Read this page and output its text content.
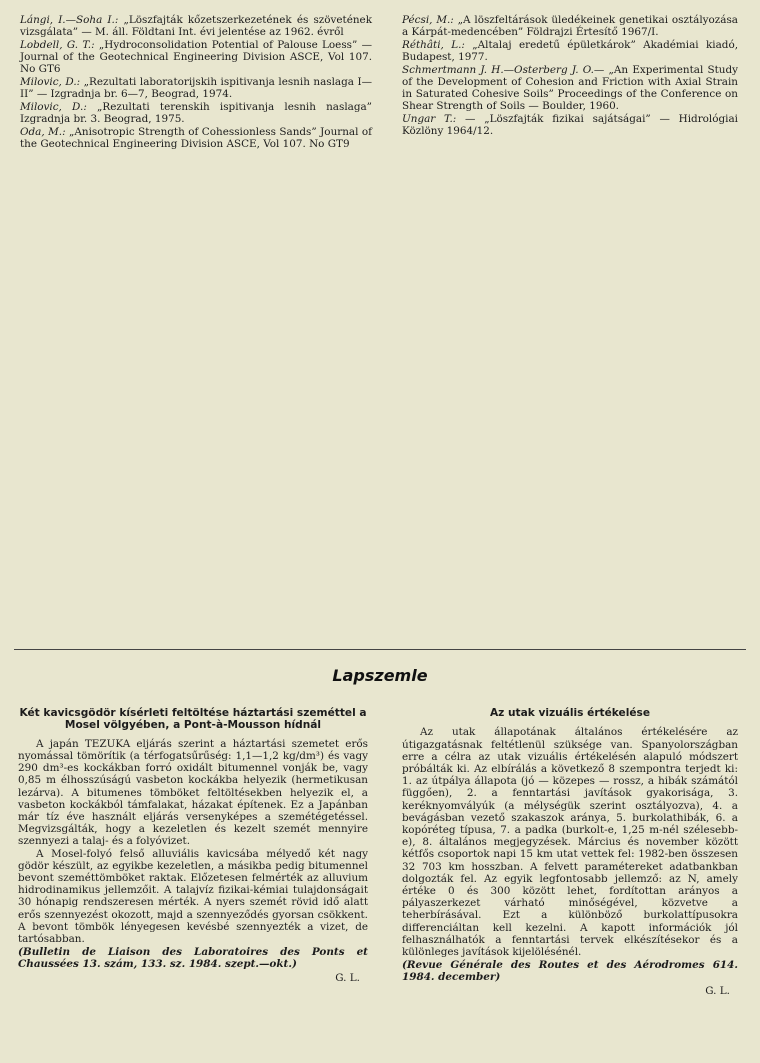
Lángi, I.—Soha I.: „Löszfajták kőzetszerkezetének és szövetének vizsgálata” — M. áll. Földtani Int. évi jelentése az 1962. évről

Lobdell, G. T.: „Hydroconsolidation Potential of Palouse Loess” — Journal of the Geotechnical Engineering Division ASCE, Vol 107. No GT6

Milovic, D.: „Rezultati laboratorijskih ispitivanja lesnih naslaga I—II” — Izgradnja br. 6—7, Beograd, 1974.

Milovic, D.: „Rezultati terenskih ispitivanja lesnih naslaga” Izgradnja br. 3. Beograd, 1975.

Oda, M.: „Anisotropic Strength of Cohessionless Sands” Journal of the Geotechnical Engineering Division ASCE, Vol 107. No GT9

Pécsi, M.: „A löszfeltárások üledékeinek genetikai osztályozása a Kárpát-medencében” Földrajzi Értesítő 1967/I.

Réthâti, L.: „Altalaj eredetű épületkárok” Akadémiai kiadó, Budapest, 1977.

Schmertmann J. H.—Osterberg J. O.— „An Experimental Study of the Development of Cohesion and Friction with Axial Strain in Saturated Cohesive Soils” Proceedings of the Conference on Shear Strength of Soils — Boulder, 1960.

Ungar T.: — „Löszfajták fizikai sajátságai” — Hidrológiai Közlöny 1964/12.

Lapszemle

Két kavicsgödör kísérleti feltöltése háztartási szeméttel a Mosel völgyében, a Pont-à-Mousson hídnál

A japán TEZUKA eljárás szerint a háztartási szemetet erős nyomással tömörítik (a térfogatsűrűség: 1,1—1,2 kg/dm³) és vagy 290 dm³-es kockákban forró oxidált bitumennel vonják be, vagy 0,85 m élhosszúságú vasbeton kockákba helyezik (hermetikusan lezárva). A bitumenes tömböket feltöltésekben helyezik el, a vasbeton kockákból támfalakat, házakat építenek. Ez a Japánban már tíz éve használt eljárás versenyképes a szemétégetéssel. Megvizsgálták, hogy a kezeletlen és kezelt szemét mennyire szennyezi a talaj- és a folyóvizet.

A Mosel-folyó felső alluviális kavicsába mélyedő két nagy gödör készült, az egyikbe kezeletlen, a másikba pedig bitumennel bevont szeméttömböket raktak. Előzetesen felmérték az alluvium hidrodinamikus jellemzőit. A talajvíz fizikai-kémiai tulajdonságait 30 hónapig rendszeresen mérték. A nyers szemét rövid idő alatt erős szennyezést okozott, majd a szennyeződés gyorsan csökkent. A bevont tömbök lényegesen kevésbé szennyezték a vizet, de tartósabban.

(Bulletin de Liaison des Laboratoires des Ponts et Chaussées 13. szám, 133. sz. 1984. szept.—okt.)

G. L.

Az utak vizuális értékelése

Az utak állapotának általános értékelésére az útigazgatásnak feltétlenül szüksége van. Spanyolországban erre a célra az utak vizuális értékelésén alapuló módszert próbálták ki. Az elbírálás a következő 8 szempontra terjedt ki: 1. az útpálya állapota (jó — közepes — rossz, a hibák számától függően), 2. a fenntartási javítások gyakorisága, 3. keréknyomvályúk (a mélységük szerint osztályozva), 4. a bevágásban vezető szakaszok aránya, 5. burkolathibák, 6. a kopóréteg típusa, 7. a padka (burkolt-e, 1,25 m-nél szélesebb-e), 8. általános megjegyzések. Március és november között kétfős csoportok napi 15 km utat vettek fel: 1982-ben összesen 32 703 km hosszban. A felvett paramétereket adatbankban dolgozták fel. Az egyik legfontosabb jellemző: az N, amely értéke 0 és 300 között lehet, fordítottan arányos a pályaszerkezet várható minőségével, közvetve a teherbírásával. Ezt a különböző burkolattípusokra differenciáltan kell kezelni. A kapott információk jól felhasználhatók a fenntartási tervek elkészítésekor és a különleges javítások kijelölésénél.

(Revue Générale des Routes et des Aérodromes 614. 1984. december)

G. L.
